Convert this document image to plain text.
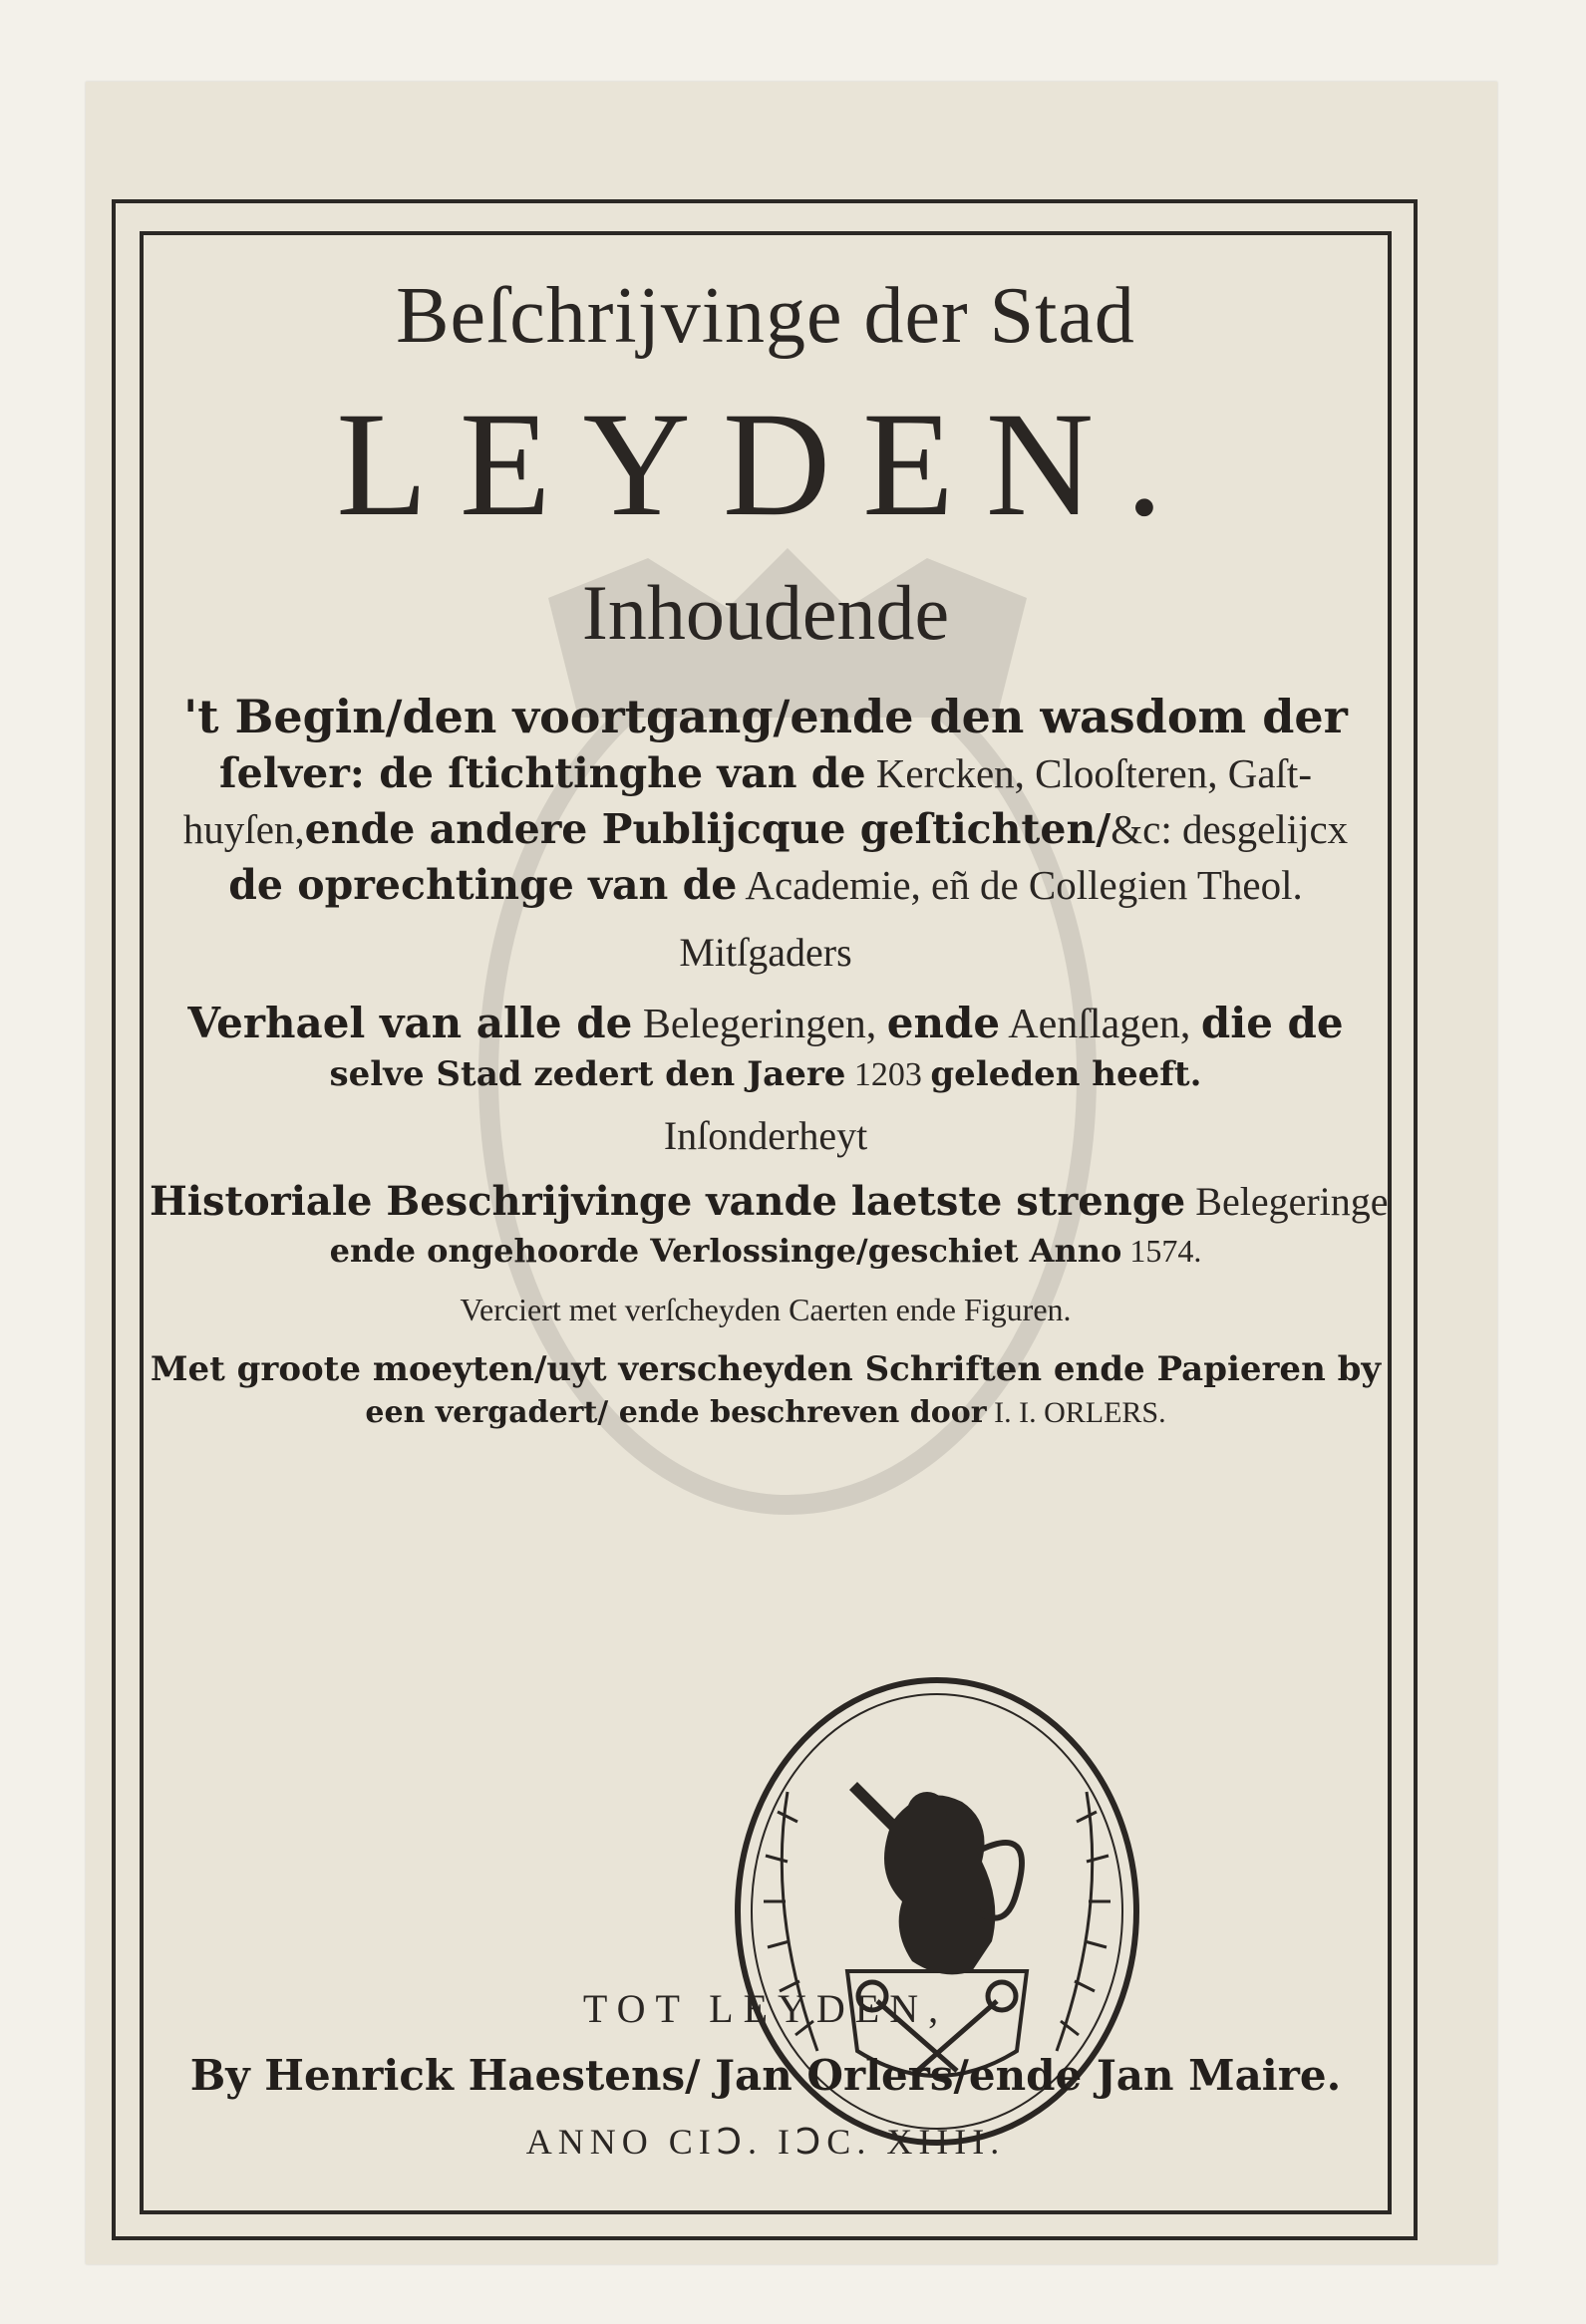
Beſchrijvinge der Stad
LEYDEN.
Inhoudende
't Begin/den voortgang/ende den wasdom der
ſelver: de ſtichtinghe van de Kercken, Clooſteren, Gaſt-
huyſen,ende andere Publijcque geſtichten/&c: desgelijcx
de oprechtinge van de Academie, eñ de Collegien Theol.
Mitſgaders
Verhael van alle de Belegeringen, ende Aenſlagen, die de
selve Stad zedert den Jaere 1203 geleden heeft.
Inſonderheyt
Historiale Beschrijvinge vande laetste strenge Belegeringe
ende ongehoorde Verlossinge/geschiet Anno 1574.
Verciert met verſcheyden Caerten ende Figuren.
Met groote moeyten/uyt verscheyden Schriften ende Papieren by
een vergadert/ ende beschreven door I. I. ORLERS.
TOT LEYDEN,
By Henrick Haestens/ Jan Orlers/ende Jan Maire.
ANNO CIↃ. IↃC. XIIII.
